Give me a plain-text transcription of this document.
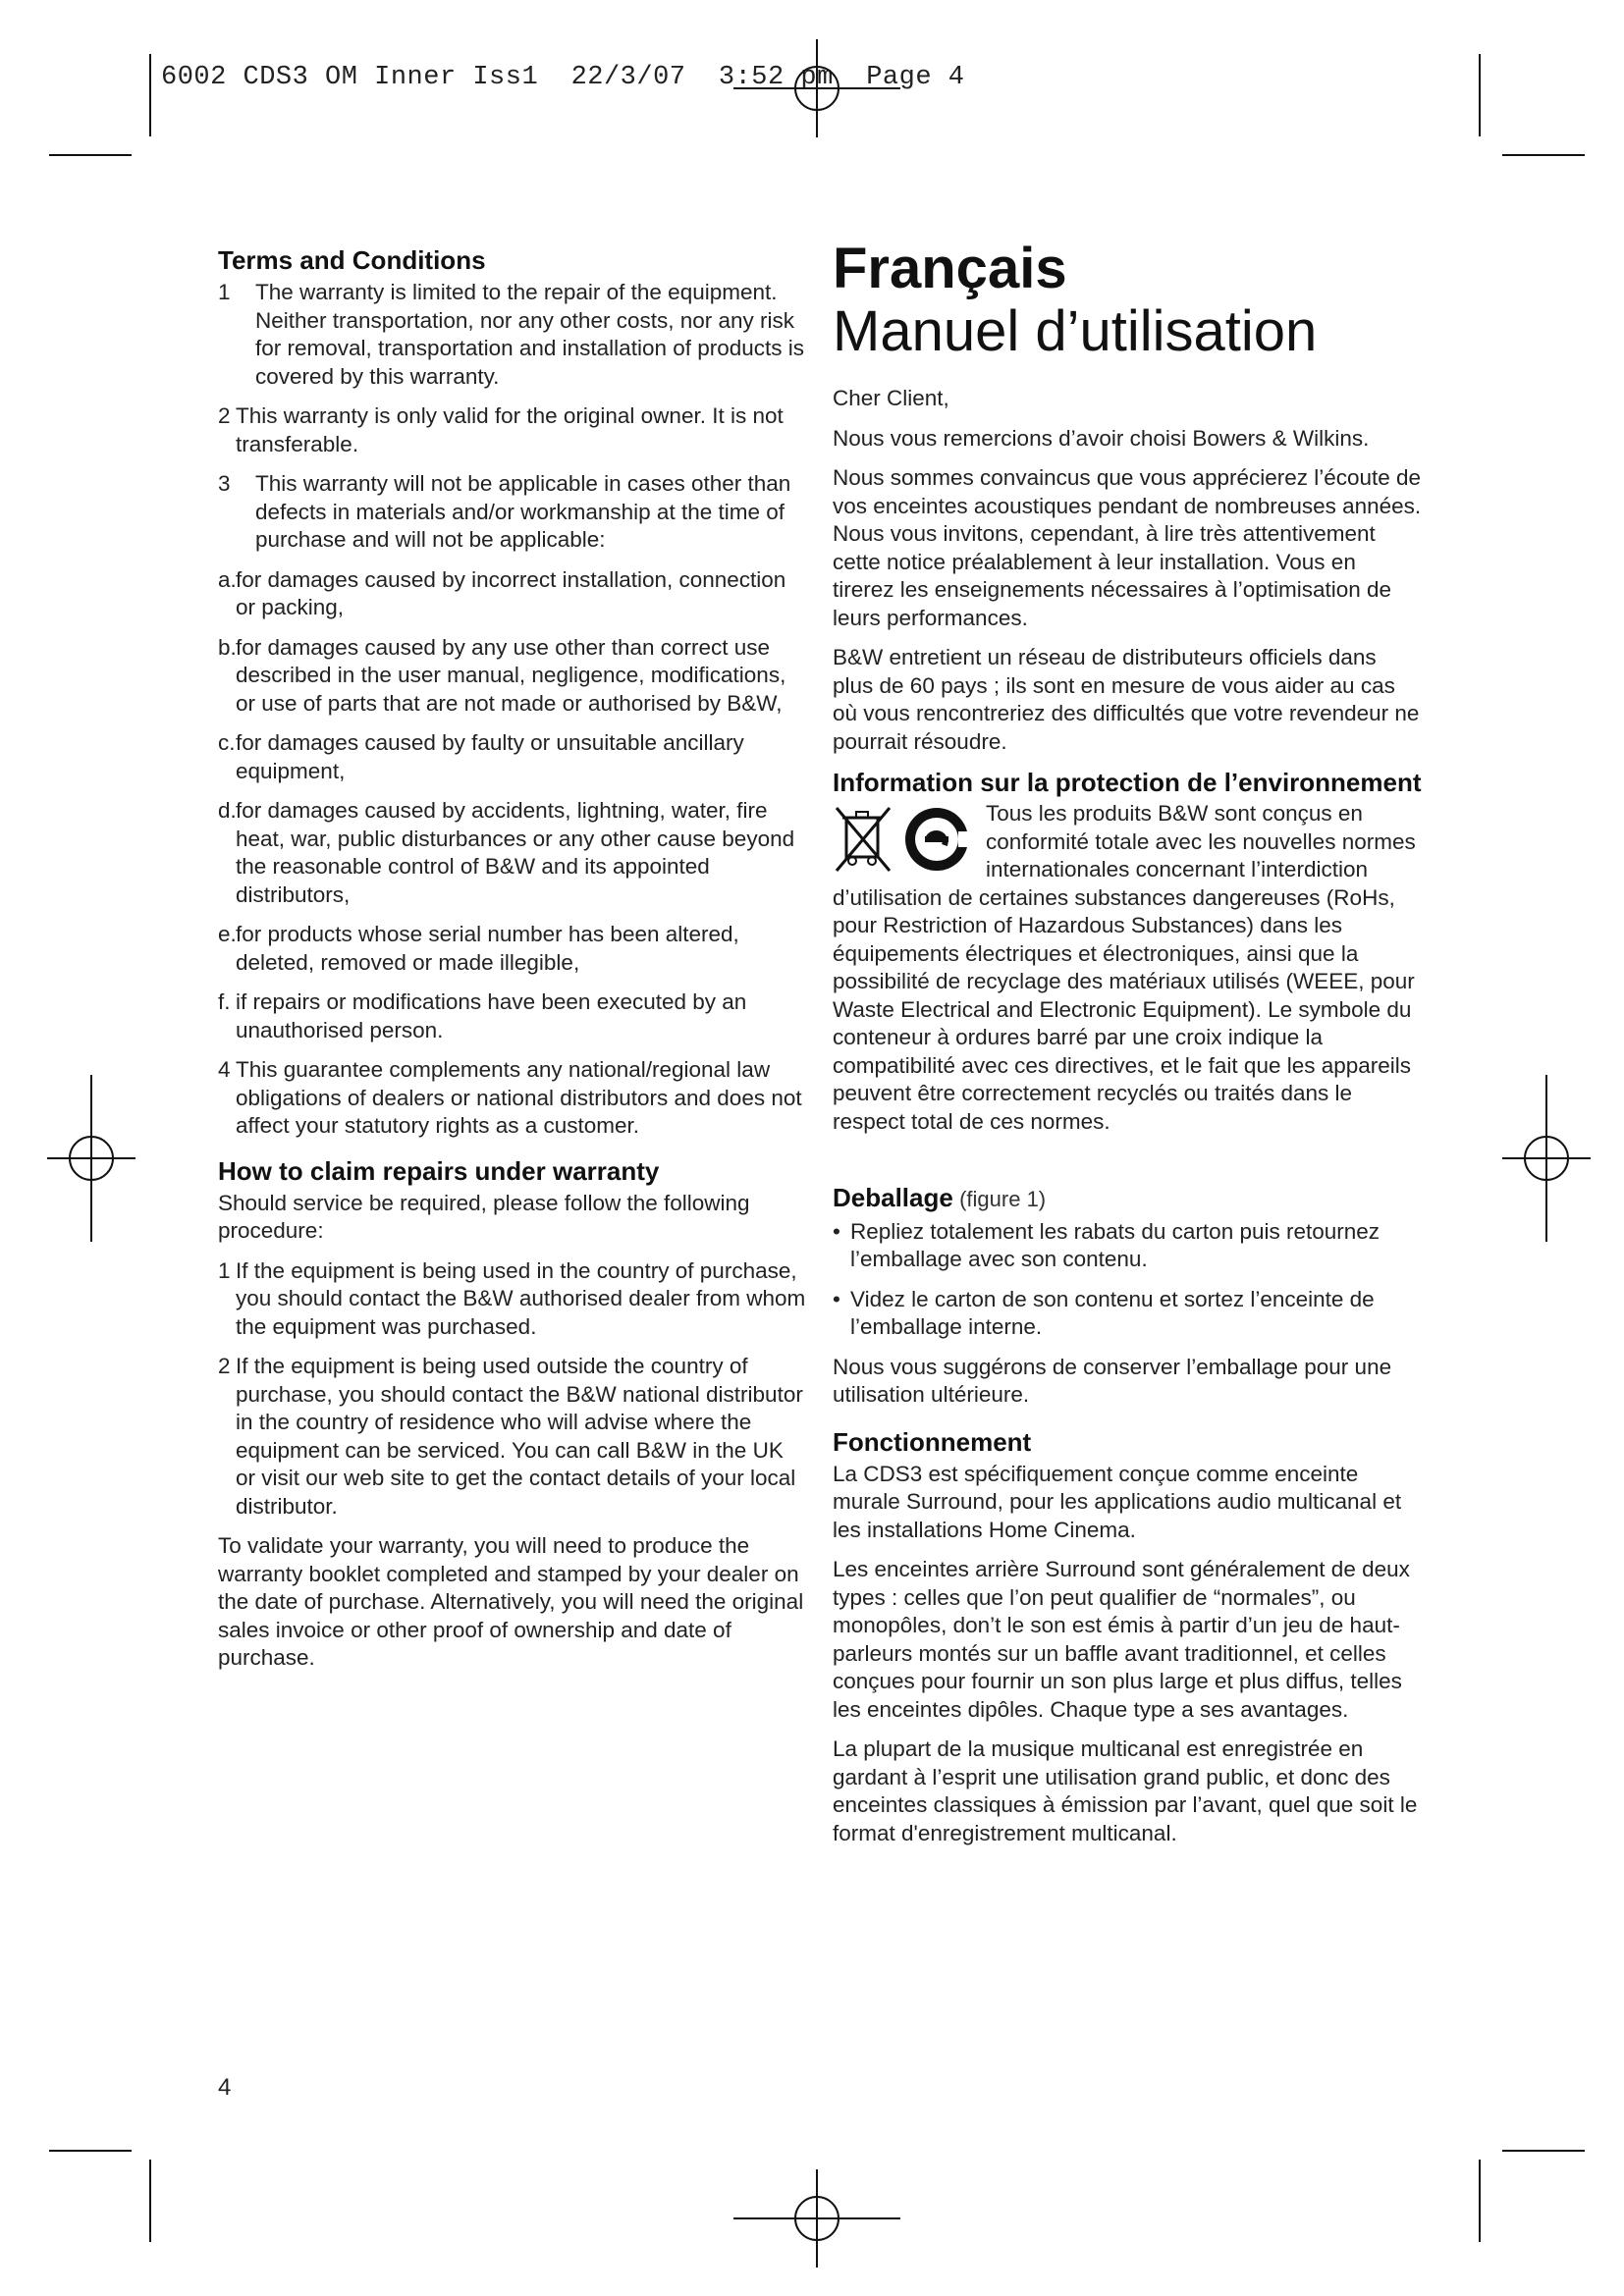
6002 CDS3 OM Inner Iss1  22/3/07  3:52 pm  Page 4
Terms and Conditions
1	The warranty is limited to the repair of the equipment. Neither transportation, nor any other costs, nor any risk for removal, transportation and installation of products is covered by this warranty.
2 This warranty is only valid for the original owner. It is not transferable.
3	This warranty will not be applicable in cases other than defects in materials and/or workmanship at the time of purchase and will not be applicable:
a. for damages caused by incorrect installation, connection or packing,
b. for damages caused by any use other than correct use described in the user manual, negligence, modifications, or use of parts that are not made or authorised by B&W,
c. for damages caused by faulty or unsuitable ancillary equipment,
d. for damages caused by accidents, lightning, water, fire heat, war, public disturbances or any other cause beyond the reasonable control of B&W and its appointed distributors,
e. for products whose serial number has been altered, deleted, removed or made illegible,
f. if repairs or modifications have been executed by an unauthorised person.
4 This guarantee complements any national/regional law obligations of dealers or national distributors and does not affect your statutory rights as a customer.
How to claim repairs under warranty
Should service be required, please follow the following procedure:
1 If the equipment is being used in the country of purchase, you should contact the B&W authorised dealer from whom the equipment was purchased.
2 If the equipment is being used outside the country of purchase, you should contact the B&W national distributor in the country of residence who will advise where the equipment can be serviced. You can call B&W in the UK or visit our web site to get the contact details of your local distributor.
To validate your warranty, you will need to produce the warranty booklet completed and stamped by your dealer on the date of purchase. Alternatively, you will need the original sales invoice or other proof of ownership and date of purchase.
Français
Manuel d’utilisation
Cher Client,
Nous vous remercions d’avoir choisi Bowers & Wilkins.
Nous sommes convaincus que vous apprécierez l’écoute de vos enceintes acoustiques pendant de nombreuses années. Nous vous invitons, cependant, à lire très attentivement cette notice préalablement à leur installation. Vous en tirerez les enseignements nécessaires à l’optimisation de leurs performances.
B&W entretient un réseau de distributeurs officiels dans plus de 60 pays ; ils sont en mesure de vous aider au cas où vous rencontreriez des difficultés que votre revendeur ne pourrait résoudre.
Information sur la protection de l’environnement
Tous les produits B&W sont conçus en conformité totale avec les nouvelles normes internationales concernant l’interdiction d’utilisation de certaines substances dangereuses (RoHs, pour Restriction of Hazardous Substances) dans les équipements électriques et électroniques, ainsi que la possibilité de recyclage des matériaux utilisés (WEEE, pour Waste Electrical and Electronic Equipment). Le symbole du conteneur à ordures barré par une croix indique la compatibilité avec ces directives, et le fait que les appareils peuvent être correctement recyclés ou traités dans le respect total de ces normes.
Deballage (figure 1)
• Repliez totalement les rabats du carton puis retournez l’emballage avec son contenu.
• Videz le carton de son contenu et sortez l’enceinte de l’emballage interne.
Nous vous suggérons de conserver l’emballage pour une utilisation ultérieure.
Fonctionnement
La CDS3 est spécifiquement conçue comme enceinte murale Surround, pour les applications audio multicanal et les installations Home Cinema.
Les enceintes arrière Surround sont généralement de deux types : celles que l’on peut qualifier de “normales”, ou monopôles, don’t le son est émis à partir d’un jeu de haut-parleurs montés sur un baffle avant traditionnel, et celles conçues pour fournir un son plus large et plus diffus, telles les enceintes dipôles. Chaque type a ses avantages.
La plupart de la musique multicanal est enregistrée en gardant à l’esprit une utilisation grand public, et donc des enceintes classiques à émission par l’avant, quel que soit le format d'enregistrement multicanal.
4
